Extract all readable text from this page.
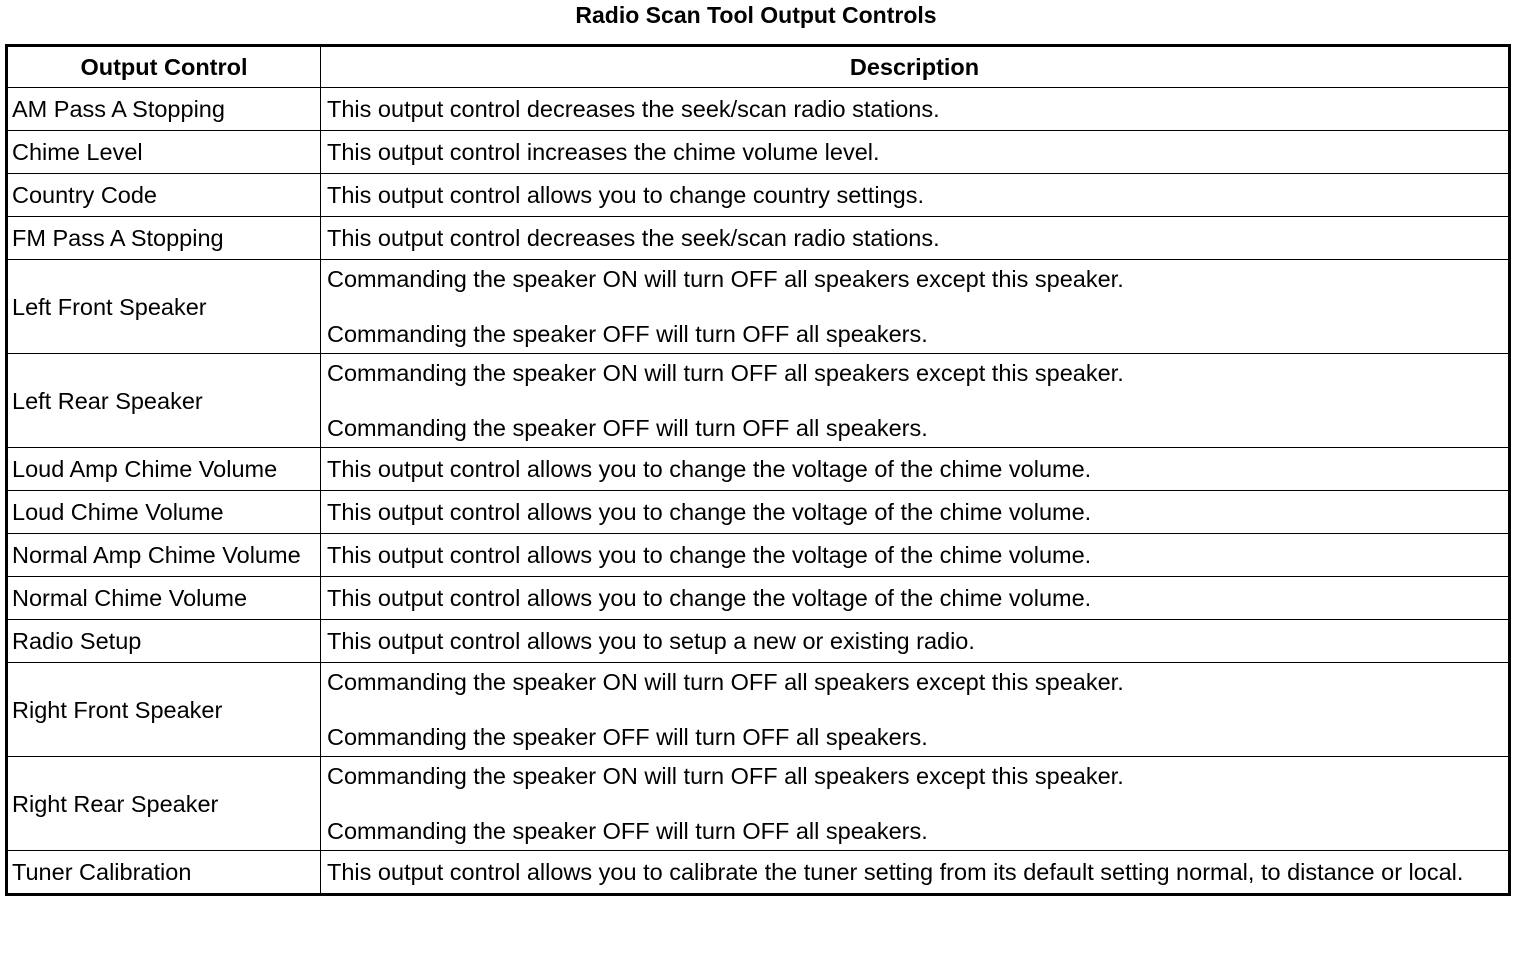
Radio Scan Tool Output Controls
Output Control	Description
AM Pass A Stopping	This output control decreases the seek/scan radio stations.

Chime Level	This output control increases the chime volume level.

Country Code	This output control allows you to change country settings.

FM Pass A Stopping	This output control decreases the seek/scan radio stations.

Left Front Speaker	Commanding the speaker ON will turn OFF all speakers except this speaker.

Commanding the speaker OFF will turn OFF all speakers.

Left Rear Speaker	Commanding the speaker ON will turn OFF all speakers except this speaker.

Commanding the speaker OFF will turn OFF all speakers.

Loud Amp Chime Volume	This output control allows you to change the voltage of the chime volume.

Loud Chime Volume	This output control allows you to change the voltage of the chime volume.

Normal Amp Chime Volume	This output control allows you to change the voltage of the chime volume.

Normal Chime Volume	This output control allows you to change the voltage of the chime volume.

Radio Setup	This output control allows you to setup a new or existing radio.

Right Front Speaker	Commanding the speaker ON will turn OFF all speakers except this speaker.

Commanding the speaker OFF will turn OFF all speakers.

Right Rear Speaker	Commanding the speaker ON will turn OFF all speakers except this speaker.

Commanding the speaker OFF will turn OFF all speakers.

Tuner Calibration	This output control allows you to calibrate the tuner setting from its default setting normal, to distance or local.
